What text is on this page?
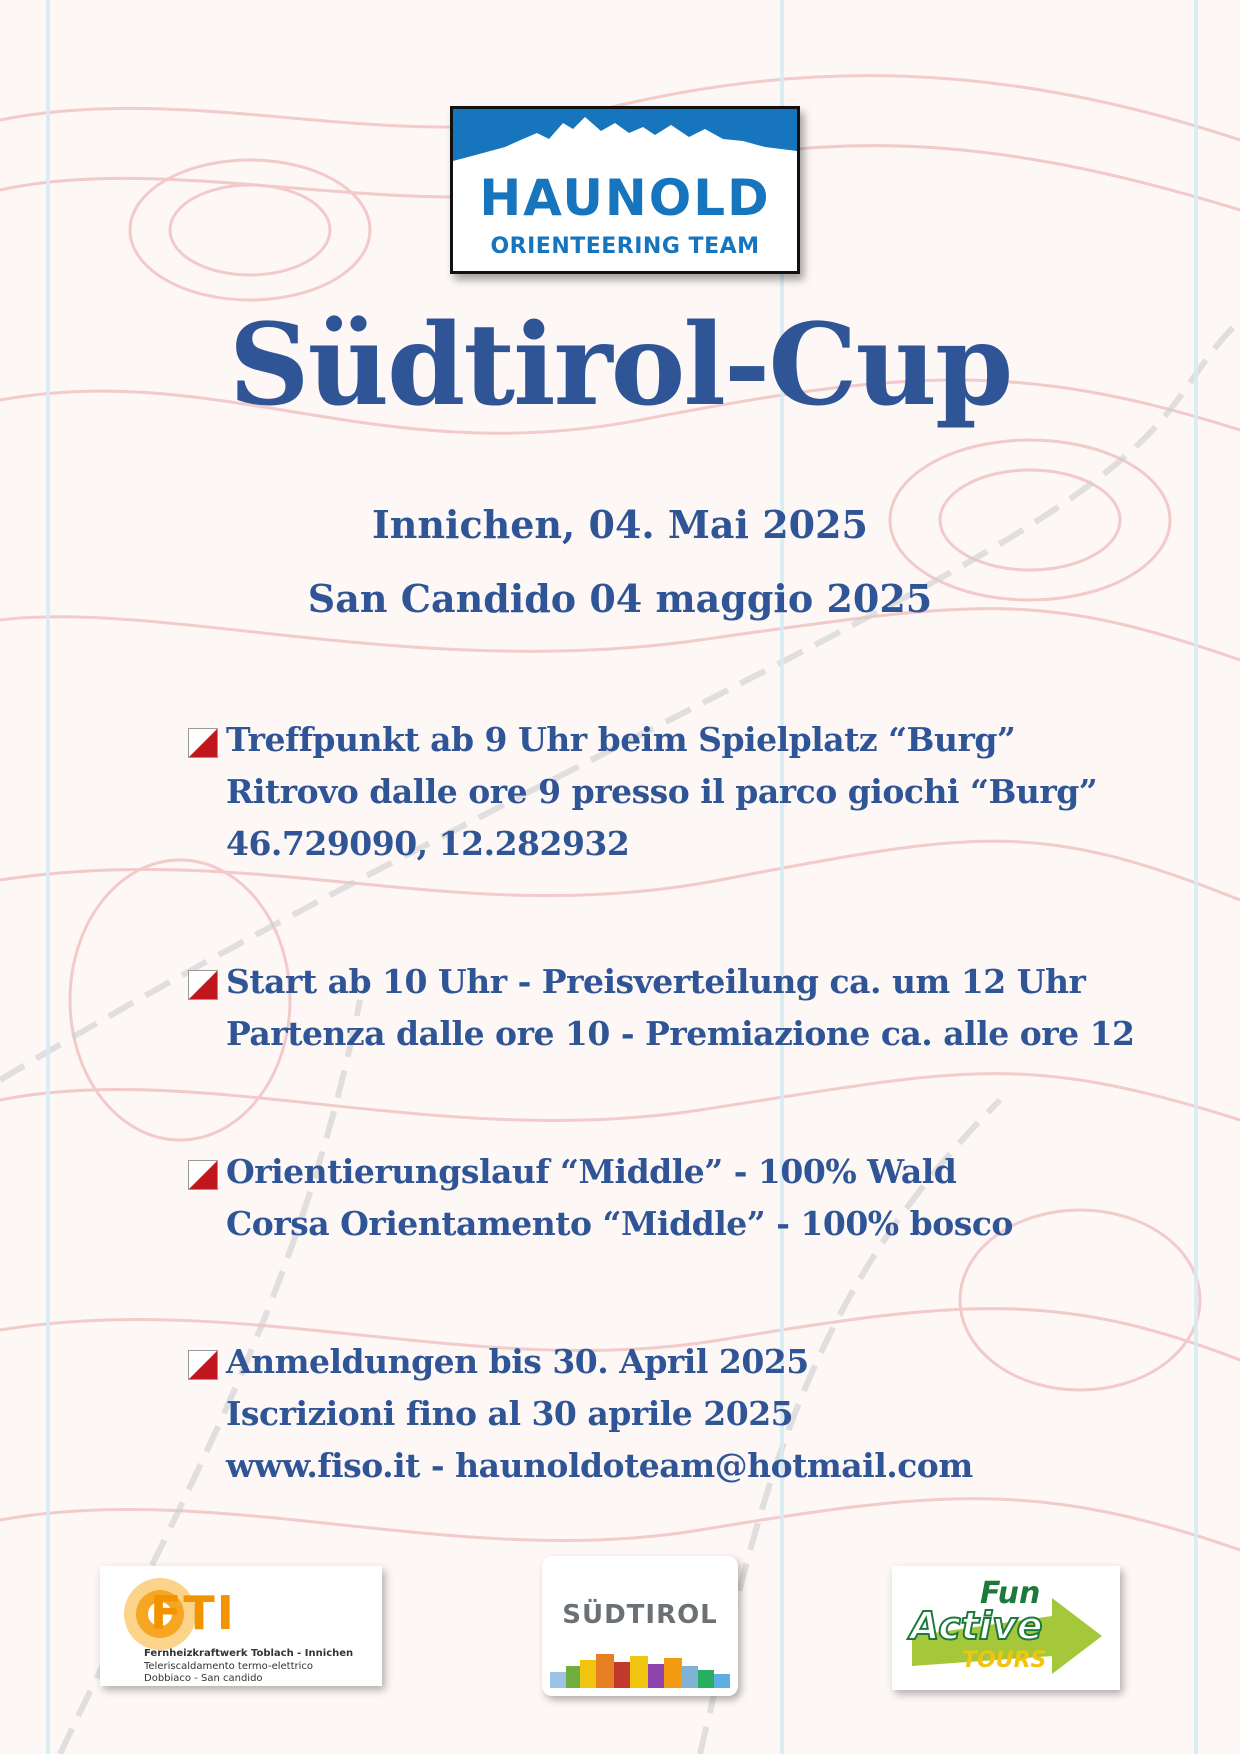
HAUNOLD
ORIENTEERING TEAM
Südtirol-Cup
Innichen, 04. Mai 2025
San Candido 04 maggio 2025
Treffpunkt ab 9 Uhr beim Spielplatz “Burg”
Ritrovo dalle ore 9 presso il parco giochi “Burg”
46.729090, 12.282932
Start ab 10 Uhr - Preisverteilung ca. um 12 Uhr
Partenza dalle ore 10 - Premiazione ca. alle ore 12
Orientierungslauf “Middle” - 100% Wald
Corsa Orientamento “Middle” - 100% bosco
Anmeldungen bis 30. April 2025
Iscrizioni fino al 30 aprile 2025
www.fiso.it - haunoldoteam@hotmail.com
FTI
Fernheizkraftwerk Toblach - Innichen
Teleriscaldamento termo-elettrico
Dobbiaco - San candido
SÜDTIROL
Fun
Active
TOURS
